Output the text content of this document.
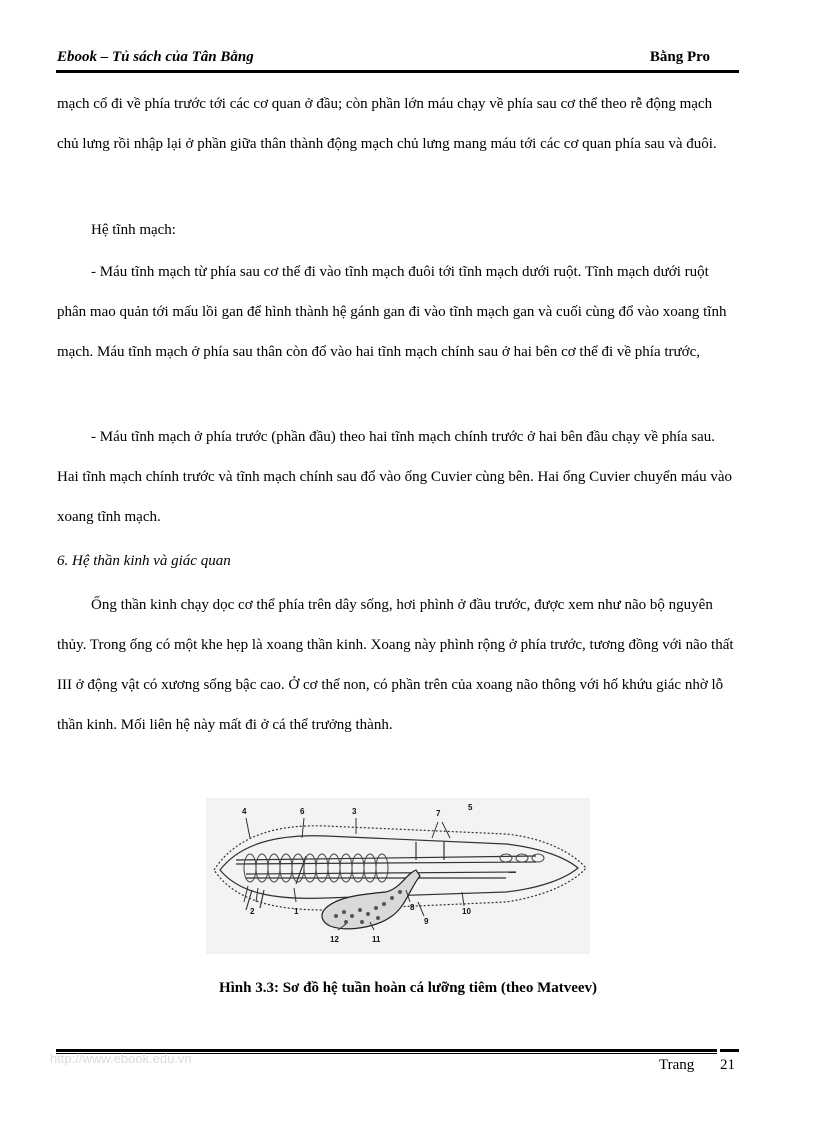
Ebook – Tủ sách của Tân Bằng	Bằng Pro

mạch cổ đi về phía trước tới các cơ quan ở đầu; còn phần lớn máu chạy về phía sau cơ thể theo rễ động mạch chủ lưng rồi nhập lại ở phần giữa thân thành động mạch chủ lưng mang máu tới các cơ quan phía sau và đuôi.

Hệ tĩnh mạch:

- Máu tĩnh mạch từ phía sau cơ thể đi vào tĩnh mạch đuôi tới tĩnh mạch dưới ruột. Tĩnh mạch dưới ruột phân mao quản tới mấu lồi gan để hình thành hệ gánh gan đi vào tĩnh mạch gan và cuối cùng đổ vào xoang tĩnh mạch. Máu tĩnh mạch ở phía sau thân còn đổ vào hai tĩnh mạch chính sau ở hai bên cơ thể đi về phía trước,

- Máu tĩnh mạch ở phía trước (phần đầu) theo hai tĩnh mạch chính trước ở hai bên đầu chạy về phía sau. Hai tĩnh mạch chính trước và tĩnh mạch chính sau đổ vào ống Cuvier cùng bên. Hai ống Cuvier chuyển máu vào xoang tĩnh mạch.

6. Hệ thần kinh và giác quan

Ống thần kinh chạy dọc cơ thể phía trên dây sống, hơi phình ở đầu trước, được xem như não bộ nguyên thủy. Trong ống có một khe hẹp là xoang thần kinh. Xoang này phình rộng ở phía trước, tương đồng với não thất III ở động vật có xương sống bậc cao. Ở cơ thể non, có phần trên của xoang não thông với hố khứu giác nhờ lỗ thần kinh. Mối liên hệ này mất đi ở cá thể trưởng thành.

4	6	3	7
5
2	1
12	11
8
9
10
Hình 3.3: Sơ đồ hệ tuần hoàn cá lưỡng tiêm (theo Matveev)
http://www.ebook.edu.vn	Trang 21
